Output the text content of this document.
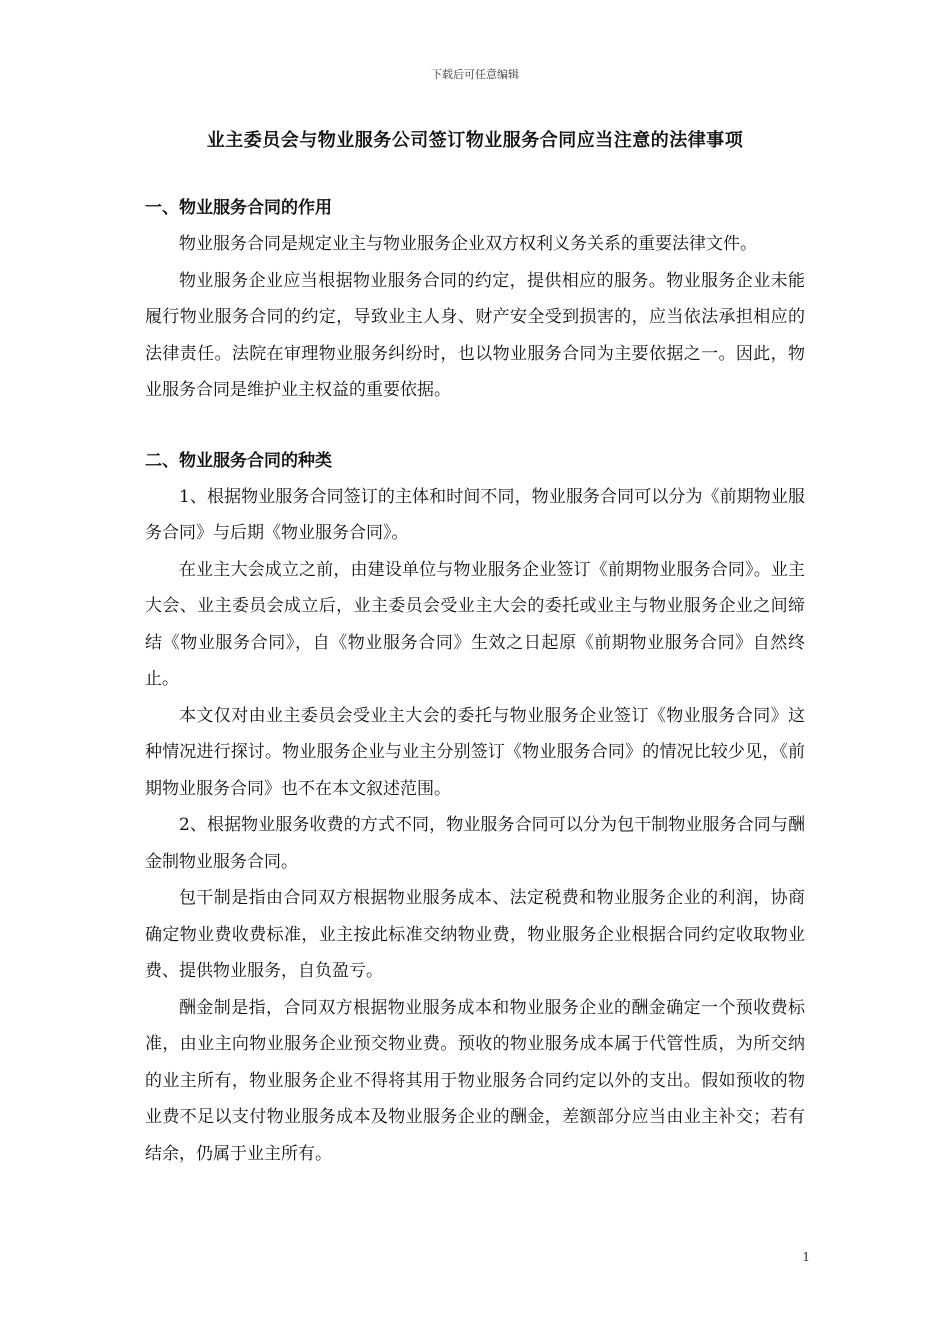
下载后可任意编辑

业主委员会与物业服务公司签订物业服务合同应当注意的法律事项
一、物业服务合同的作用

物业服务合同是规定业主与物业服务企业双方权利义务关系的重要法律文件。

物业服务企业应当根据物业服务合同的约定，提供相应的服务。物业服务企业未能履行物业服务合同的约定，导致业主人身、财产安全受到损害的，应当依法承担相应的法律责任。法院在审理物业服务纠纷时，也以物业服务合同为主要依据之一。因此，物业服务合同是维护业主权益的重要依据。

二、物业服务合同的种类

1、根据物业服务合同签订的主体和时间不同，物业服务合同可以分为《前期物业服务合同》与后期《物业服务合同》。

在业主大会成立之前，由建设单位与物业服务企业签订《前期物业服务合同》。业主大会、业主委员会成立后，业主委员会受业主大会的委托或业主与物业服务企业之间缔结《物业服务合同》，自《物业服务合同》生效之日起原《前期物业服务合同》自然终止。

本文仅对由业主委员会受业主大会的委托与物业服务企业签订《物业服务合同》这种情况进行探讨。物业服务企业与业主分别签订《物业服务合同》的情况比较少见，《前期物业服务合同》也不在本文叙述范围。

2、根据物业服务收费的方式不同，物业服务合同可以分为包干制物业服务合同与酬金制物业服务合同。

包干制是指由合同双方根据物业服务成本、法定税费和物业服务企业的利润，协商确定物业费收费标准，业主按此标准交纳物业费，物业服务企业根据合同约定收取物业费、提供物业服务，自负盈亏。

酬金制是指，合同双方根据物业服务成本和物业服务企业的酬金确定一个预收费标准，由业主向物业服务企业预交物业费。预收的物业服务成本属于代管性质，为所交纳的业主所有，物业服务企业不得将其用于物业服务合同约定以外的支出。假如预收的物业费不足以支付物业服务成本及物业服务企业的酬金，差额部分应当由业主补交；若有结余，仍属于业主所有。

1
